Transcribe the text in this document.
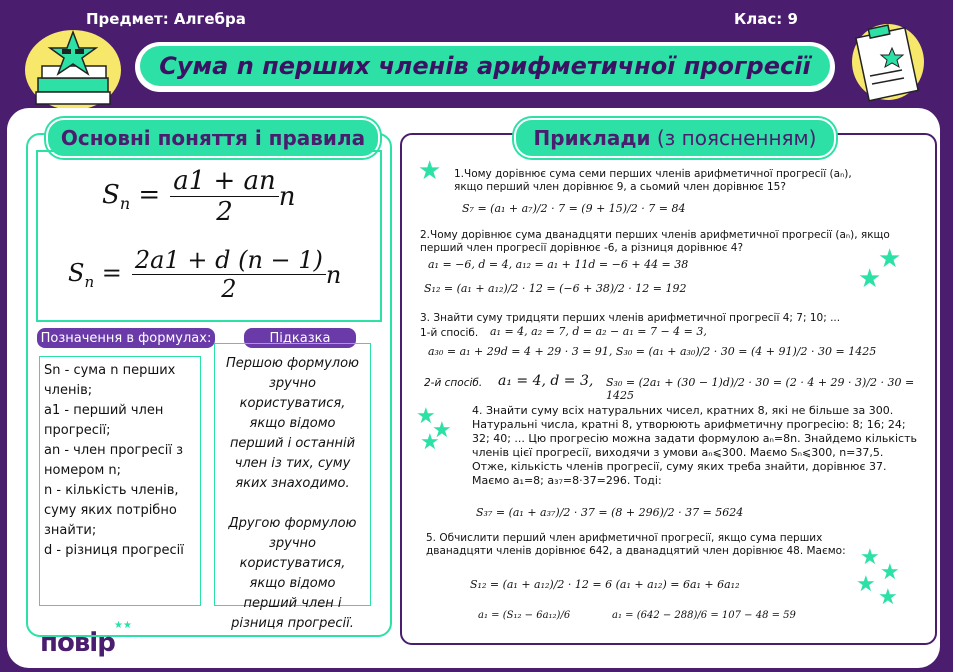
Предмет: Алгебра	Клас: 9
Сума n перших членів арифметичної прогресії
Основні поняття і правила
$S_n = \frac{a1 + an}{2}$ n
$S_n = \frac{2a1 + d (n - 1)}{2}$ n
Позначення в формулах:	Підказка
Sn - сума n перших членів;
a1 - перший член прогресії;
an - член прогресії з номером n;
n - кількість членів, суму яких потрібно знайти;
d - різниця прогресії
Першою формулою зручно користуватися, якщо відомо перший і останній член із тих, суму яких знаходимо.
Другою формулою зручно користуватися, якщо відомо перший член і різниця прогресії.
повір
★★
Приклади
(з поясненням)
★
★
★
★
★
★
★
★
★
★
1.Чому дорівнює сума семи перших членів арифметичної прогресії (aₙ), якщо перший член дорівнює 9, а сьомий член дорівнює 15?
S₇ = (a₁ + a₇)/2 · 7 = (9 + 15)/2 · 7 = 84
2.Чому дорівнює сума дванадцяти перших членів арифметичної прогресії (aₙ), якщо перший член прогресії дорівнює -6, а різниця дорівнює 4?
a₁ = −6, d = 4, a₁₂ = a₁ + 11d = −6 + 44 = 38
S₁₂ = (a₁ + a₁₂)/2 · 12 = (−6 + 38)/2 · 12 = 192
3. Знайти суму тридцяти перших членів арифметичної прогресії 4; 7; 10; ...
1-й спосіб. a₁ = 4, a₂ = 7, d = a₂ − a₁ = 7 − 4 = 3,
a₃₀ = a₁ + 29d = 4 + 29 · 3 = 91, S₃₀ = (a₁ + a₃₀)/2 · 30 = (4 + 91)/2 · 30 = 1425
2-й спосіб. a₁ = 4, d = 3, S₃₀ = (2a₁ + (30 − 1)d)/2 · 30 = (2 · 4 + 29 · 3)/2 · 30 = 1425
4. Знайти суму всіх натуральних чисел, кратних 8, які не більше за 300. Натуральні числа, кратні 8, утворюють арифметичну прогресію: 8; 16; 24; 32; 40; ... Цю прогресію можна задати формулою aₙ=8n. Знайдемо кількість членів цієї прогресії, виходячи з умови aₙ⩽300. Маємо Sₙ⩽300, n=37,5. Отже, кількість членів прогресії, суму яких треба знайти, дорівнює 37. Маємо a₁=8; a₃₇=8·37=296. Тоді:
S₃₇ = (a₁ + a₃₇)/2 · 37 = (8 + 296)/2 · 37 = 5624
5. Обчислити перший член арифметичної прогресії, якщо сума перших дванадцяти членів дорівнює 642, а дванадцятий член дорівнює 48. Маємо:
S₁₂ = (a₁ + a₁₂)/2 · 12 = 6 (a₁ + a₁₂) = 6a₁ + 6a₁₂
a₁ = (S₁₂ − 6a₁₂)/6	a₁ = (642 − 288)/6 = 107 − 48 = 59
